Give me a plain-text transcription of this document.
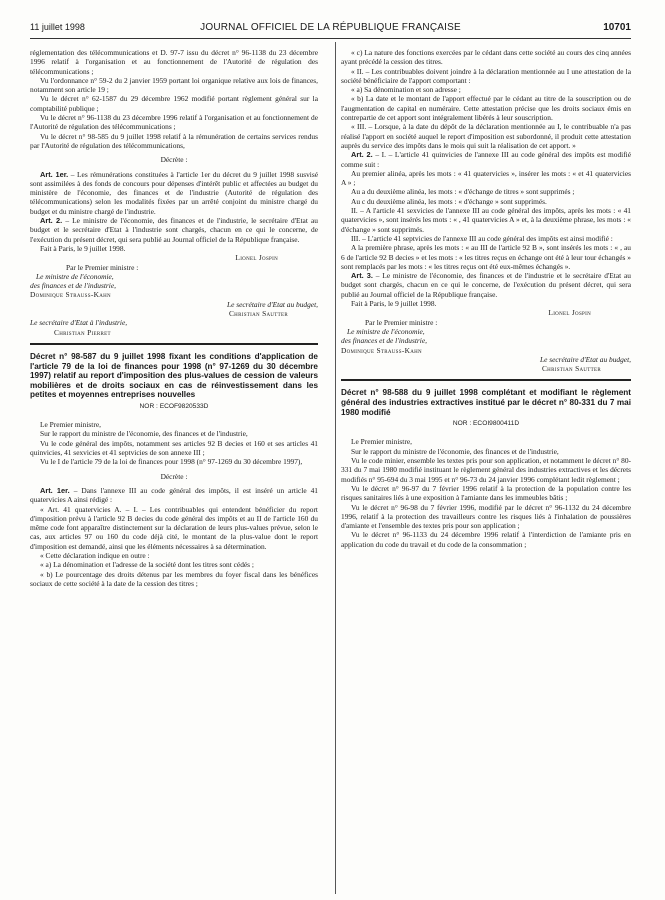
11 juillet 1998	JOURNAL OFFICIEL DE LA RÉPUBLIQUE FRANÇAISE	10701

réglementation des télécommunications et D. 97-7 issu du décret n° 96-1138 du 23 décembre 1996 relatif à l'organisation et au fonctionnement de l'Autorité de régulation des télécommunications ;

Vu l'ordonnance n° 59-2 du 2 janvier 1959 portant loi organique relative aux lois de finances, notamment son article 19 ;

Vu le décret n° 62-1587 du 29 décembre 1962 modifié portant règlement général sur la comptabilité publique ;

Vu le décret n° 96-1138 du 23 décembre 1996 relatif à l'organisation et au fonctionnement de l'Autorité de régulation des télécommunications ;

Vu le décret n° 98-585 du 9 juillet 1998 relatif à la rémunération de certains services rendus par l'Autorité de régulation des télécommunications,

Décrète :

Art. 1er. – Les rémunérations constituées à l'article 1er du décret du 9 juillet 1998 susvisé sont assimilées à des fonds de concours pour dépenses d'intérêt public et affectées au budget du ministère de l'économie, des finances et de l'industrie (Autorité de régulation des télécommunications) selon les modalités fixées par un arrêté conjoint du ministre chargé du budget et du ministre chargé de l'industrie.

Art. 2. – Le ministre de l'économie, des finances et de l'industrie, le secrétaire d'Etat au budget et le secrétaire d'Etat à l'industrie sont chargés, chacun en ce qui le concerne, de l'exécution du présent décret, qui sera publié au Journal officiel de la République française.

Fait à Paris, le 9 juillet 1998.

Lionel Jospin

Par le Premier ministre :

Le ministre de l'économie,

des finances et de l'industrie,

Dominique Strauss-Kahn

Le secrétaire d'Etat au budget,

Christian Sautter

Le secrétaire d'Etat à l'industrie,

Christian Pierret

Décret n° 98-587 du 9 juillet 1998 fixant les conditions d'application de l'article 79 de la loi de finances pour 1998 (n° 97-1269 du 30 décembre 1997) relatif au report d'imposition des plus-values de cession de valeurs mobilières et de droits sociaux en cas de réinvestissement dans les petites et moyennes entreprises nouvelles

NOR : ECOF9820533D

Le Premier ministre,

Sur le rapport du ministre de l'économie, des finances et de l'industrie,

Vu le code général des impôts, notamment ses articles 92 B decies et 160 et ses articles 41 quinvicies, 41 sexvicies et 41 septvicies de son annexe III ;

Vu le I de l'article 79 de la loi de finances pour 1998 (n° 97-1269 du 30 décembre 1997),

Décrète :

Art. 1er. – Dans l'annexe III au code général des impôts, il est inséré un article 41 quatervicies A ainsi rédigé :

« Art. 41 quatervicies A. – I. – Les contribuables qui entendent bénéficier du report d'imposition prévu à l'article 92 B decies du code général des impôts et au II de l'article 160 du même code font apparaître distinctement sur la déclaration de leurs plus-values prévue, selon le cas, aux articles 97 ou 160 du code déjà cité, le montant de la plus-value dont le report d'imposition est demandé, ainsi que les éléments nécessaires à sa détermination.

« Cette déclaration indique en outre :

« a) La dénomination et l'adresse de la société dont les titres sont cédés ;

« b) Le pourcentage des droits détenus par les membres du foyer fiscal dans les bénéfices sociaux de cette société à la date de la cession des titres ;

« c) La nature des fonctions exercées par le cédant dans cette société au cours des cinq années ayant précédé la cession des titres.

« II. – Les contribuables doivent joindre à la déclaration mentionnée au I une attestation de la société bénéficiaire de l'apport comportant :

« a) Sa dénomination et son adresse ;

« b) La date et le montant de l'apport effectué par le cédant au titre de la souscription ou de l'augmentation de capital en numéraire. Cette attestation précise que les droits sociaux émis en contrepartie de cet apport sont intégralement libérés à leur souscription.

« III. – Lorsque, à la date du dépôt de la déclaration mentionnée au I, le contribuable n'a pas réalisé l'apport en société auquel le report d'imposition est subordonné, il produit cette attestation auprès du service des impôts dans le mois qui suit la réalisation de cet apport. »

Art. 2. – I. – L'article 41 quinvicies de l'annexe III au code général des impôts est modifié comme suit :

Au premier alinéa, après les mots : « 41 quatervicies », insérer les mots : « et 41 quatervicies A » ;

Au a du deuxième alinéa, les mots : « d'échange de titres » sont supprimés ;

Au c du deuxième alinéa, les mots : « d'échange » sont supprimés.

II. – A l'article 41 sexvicies de l'annexe III au code général des impôts, après les mots : « 41 quatervicies », sont insérés les mots : « , 41 quatervicies A » et, à la deuxième phrase, les mots : « d'échange » sont supprimés.

III. – L'article 41 septvicies de l'annexe III au code général des impôts est ainsi modifié :

A la première phrase, après les mots : « au III de l'article 92 B », sont insérés les mots : « , au 6 de l'article 92 B decies » et les mots : « les titres reçus en échange ont été à leur tour échangés » sont remplacés par les mots : « les titres reçus ont été eux-mêmes échangés ».

Art. 3. – Le ministre de l'économie, des finances et de l'industrie et le secrétaire d'Etat au budget sont chargés, chacun en ce qui le concerne, de l'exécution du présent décret, qui sera publié au Journal officiel de la République française.

Fait à Paris, le 9 juillet 1998.

Lionel Jospin

Par le Premier ministre :

Le ministre de l'économie,

des finances et de l'industrie,

Dominique Strauss-Kahn

Le secrétaire d'Etat au budget,

Christian Sautter

Décret n° 98-588 du 9 juillet 1998 complétant et modifiant le règlement général des industries extractives institué par le décret n° 80-331 du 7 mai 1980 modifié

NOR : ECOI9800411D

Le Premier ministre,

Sur le rapport du ministre de l'économie, des finances et de l'industrie,

Vu le code minier, ensemble les textes pris pour son application, et notamment le décret n° 80-331 du 7 mai 1980 modifié instituant le règlement général des industries extractives et les décrets modifiés n° 95-694 du 3 mai 1995 et n° 96-73 du 24 janvier 1996 complétant ledit règlement ;

Vu le décret n° 96-97 du 7 février 1996 relatif à la protection de la population contre les risques sanitaires liés à une exposition à l'amiante dans les immeubles bâtis ;

Vu le décret n° 96-98 du 7 février 1996, modifié par le décret n° 96-1132 du 24 décembre 1996, relatif à la protection des travailleurs contre les risques liés à l'inhalation de poussières d'amiante et l'ensemble des textes pris pour son application ;

Vu le décret n° 96-1133 du 24 décembre 1996 relatif à l'interdiction de l'amiante pris en application du code du travail et du code de la consommation ;
